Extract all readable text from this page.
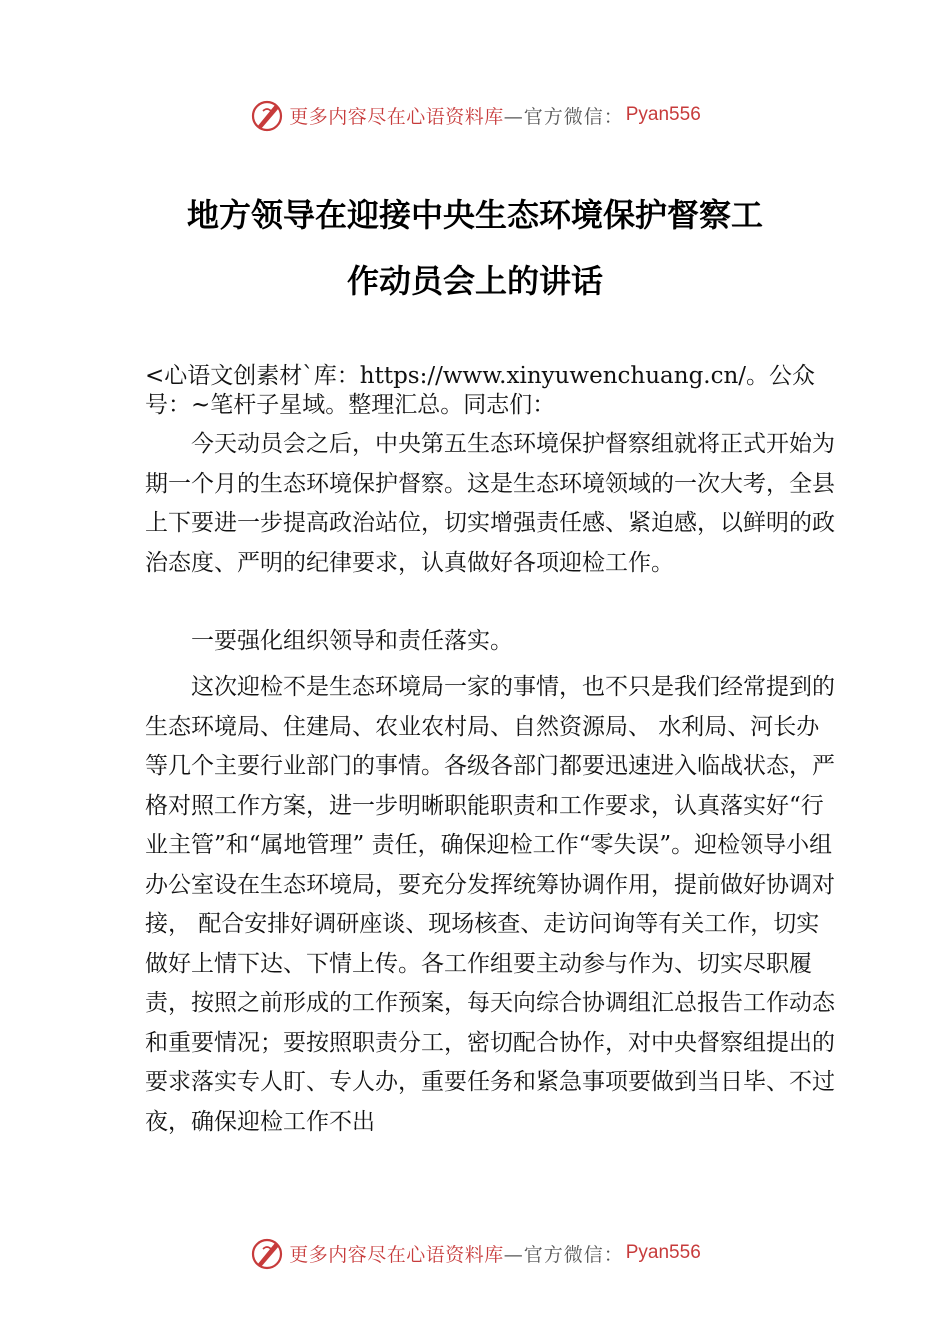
更多内容尽在心语资料库 —官方微信： Pyan556
地方领导在迎接中央生态环境保护督察工
作动员会上的讲话
<心语文创素材`库：https://www.xinyuwenchuang.cn/。公众号：~笔杆子星域。整理汇总。同志们：

今天动员会之后，中央第五生态环境保护督察组就将正式开始为期一个月的生态环境保护督察。这是生态环境领域的一次大考，全县上下要进一步提高政治站位，切实增强责任感、紧迫感，以鲜明的政治态度、严明的纪律要求，认真做好各项迎检工作。

一要强化组织领导和责任落实。

这次迎检不是生态环境局一家的事情，也不只是我们经常提到的生态环境局、住建局、农业农村局、自然资源局、 水利局、河长办等几个主要行业部门的事情。各级各部门都要迅速进入临战状态，严格对照工作方案，进一步明晰职能职责和工作要求，认真落实好“行业主管”和“属地管理” 责任，确保迎检工作“零失误”。迎检领导小组办公室设在生态环境局，要充分发挥统筹协调作用，提前做好协调对接， 配合安排好调研座谈、现场核查、走访问询等有关工作，切实做好上情下达、下情上传。各工作组要主动参与作为、切实尽职履责，按照之前形成的工作预案，每天向综合协调组汇总报告工作动态和重要情况；要按照职责分工，密切配合协作，对中央督察组提出的要求落实专人盯、专人办，重要任务和紧急事项要做到当日毕、不过夜，确保迎检工作不出

更多内容尽在心语资料库 —官方微信： Pyan556
